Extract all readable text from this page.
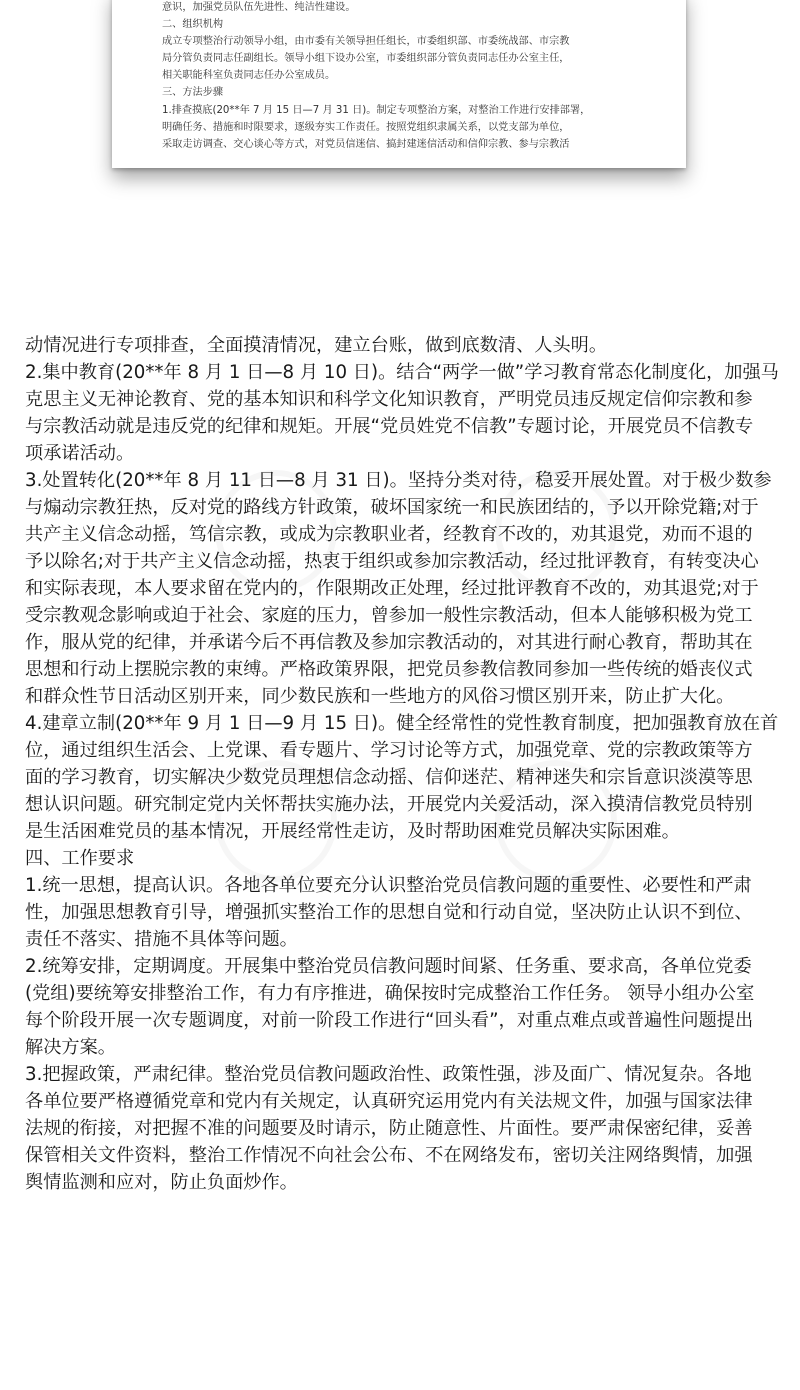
意识，加强党员队伍先进性、纯洁性建设。
二、组织机构
成立专项整治行动领导小组，由市委有关领导担任组长，市委组织部、市委统战部、市宗教
局分管负责同志任副组长。领导小组下设办公室，市委组织部分管负责同志任办公室主任，
相关职能科室负责同志任办公室成员。
三、方法步骤
1.排查摸底(20**年 7 月 15 日—7 月 31 日)。制定专项整治方案，对整治工作进行安排部署，
明确任务、措施和时限要求，逐级夯实工作责任。按照党组织隶属关系，以党支部为单位，
采取走访调查、交心谈心等方式，对党员信迷信、搞封建迷信活动和信仰宗教、参与宗教活
动情况进行专项排查，全面摸清情况，建立台账，做到底数清、人头明。
2.集中教育(20**年 8 月 1 日—8 月 10 日)。结合“两学一做”学习教育常态化制度化，加强马
克思主义无神论教育、党的基本知识和科学文化知识教育，严明党员违反规定信仰宗教和参
与宗教活动就是违反党的纪律和规矩。开展“党员姓党不信教”专题讨论，开展党员不信教专
项承诺活动。
3.处置转化(20**年 8 月 11 日—8 月 31 日)。坚持分类对待，稳妥开展处置。对于极少数参
与煽动宗教狂热，反对党的路线方针政策，破坏国家统一和民族团结的，予以开除党籍;对于
共产主义信念动摇，笃信宗教，或成为宗教职业者，经教育不改的，劝其退党，劝而不退的
予以除名;对于共产主义信念动摇，热衷于组织或参加宗教活动，经过批评教育，有转变决心
和实际表现，本人要求留在党内的，作限期改正处理，经过批评教育不改的，劝其退党;对于
受宗教观念影响或迫于社会、家庭的压力，曾参加一般性宗教活动，但本人能够积极为党工
作，服从党的纪律，并承诺今后不再信教及参加宗教活动的，对其进行耐心教育，帮助其在
思想和行动上摆脱宗教的束缚。严格政策界限，把党员参教信教同参加一些传统的婚丧仪式
和群众性节日活动区别开来，同少数民族和一些地方的风俗习惯区别开来，防止扩大化。
4.建章立制(20**年 9 月 1 日—9 月 15 日)。健全经常性的党性教育制度，把加强教育放在首
位，通过组织生活会、上党课、看专题片、学习讨论等方式，加强党章、党的宗教政策等方
面的学习教育，切实解决少数党员理想信念动摇、信仰迷茫、精神迷失和宗旨意识淡漠等思
想认识问题。研究制定党内关怀帮扶实施办法，开展党内关爱活动，深入摸清信教党员特别
是生活困难党员的基本情况，开展经常性走访，及时帮助困难党员解决实际困难。
四、工作要求
1.统一思想，提高认识。各地各单位要充分认识整治党员信教问题的重要性、必要性和严肃
性，加强思想教育引导，增强抓实整治工作的思想自觉和行动自觉，坚决防止认识不到位、
责任不落实、措施不具体等问题。
2.统筹安排，定期调度。开展集中整治党员信教问题时间紧、任务重、要求高，各单位党委
(党组)要统筹安排整治工作，有力有序推进，确保按时完成整治工作任务。 领导小组办公室
每个阶段开展一次专题调度，对前一阶段工作进行“回头看”，对重点难点或普遍性问题提出
解决方案。
3.把握政策，严肃纪律。整治党员信教问题政治性、政策性强，涉及面广、情况复杂。各地
各单位要严格遵循党章和党内有关规定，认真研究运用党内有关法规文件，加强与国家法律
法规的衔接，对把握不准的问题要及时请示，防止随意性、片面性。要严肃保密纪律，妥善
保管相关文件资料，整治工作情况不向社会公布、不在网络发布，密切关注网络舆情，加强
舆情监测和应对，防止负面炒作。
